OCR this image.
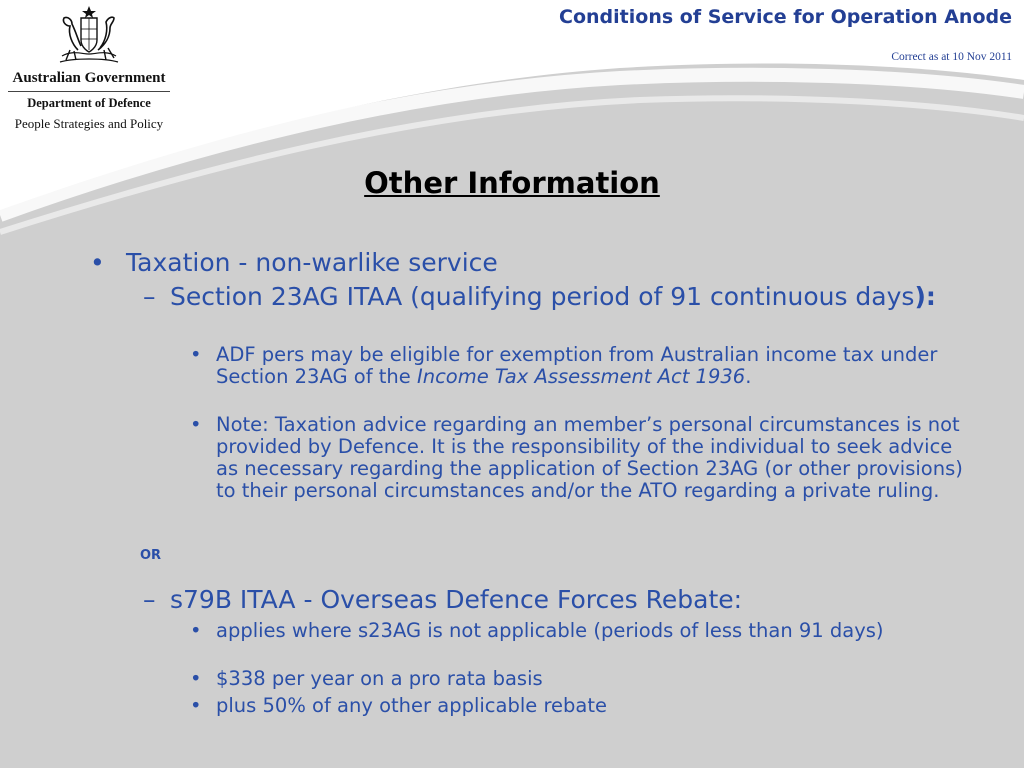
Australian Government
Department of Defence
People Strategies and Policy
Conditions of Service for Operation Anode
Correct as at 10 Nov 2011
Other Information
• Taxation - non-warlike service
– Section 23AG ITAA (qualifying period of 91 continuous days):
• ADF pers may be eligible for exemption from Australian income tax under Section 23AG of the Income Tax Assessment Act 1936.
• Note: Taxation advice regarding an member’s personal circumstances is not provided by Defence. It is the responsibility of the individual to seek advice as necessary regarding the application of Section 23AG (or other provisions) to their personal circumstances and/or the ATO regarding a private ruling.
OR
– s79B ITAA - Overseas Defence Forces Rebate:
• applies where s23AG is not applicable (periods of less than 91 days)
• $338 per year on a pro rata basis
• plus 50% of any other applicable rebate
